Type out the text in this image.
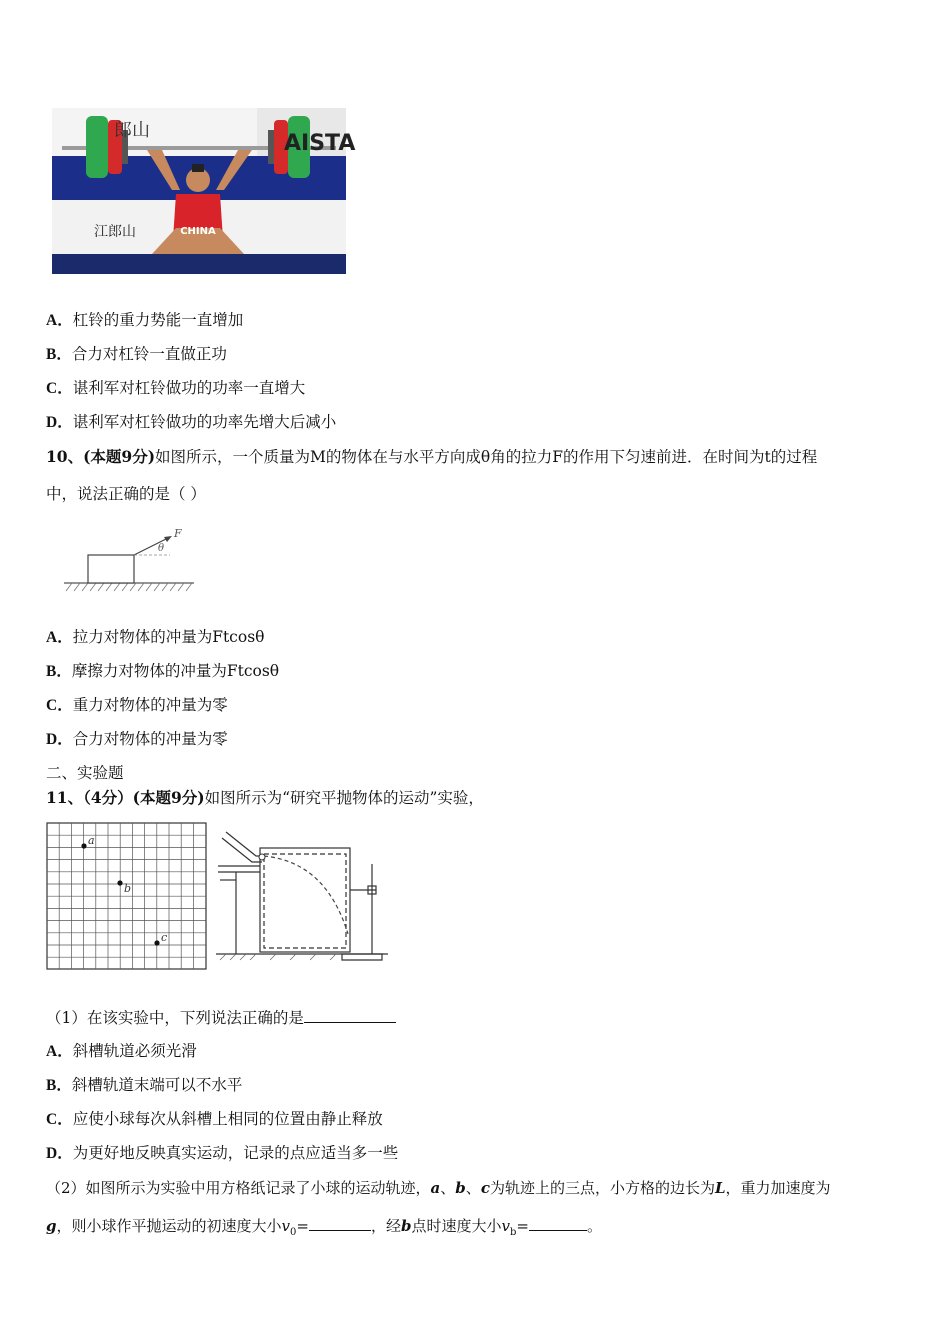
CHINA
郎山
江郎山
AISTA
A．杠铃的重力势能一直增加
B．合力对杠铃一直做正功
C．谌利军对杠铃做功的功率一直增大
D．谌利军对杠铃做功的功率先增大后减小
10、(本题9分)如图所示，一个质量为M的物体在与水平方向成θ角的拉力F的作用下匀速前进．在时间为t的过程
中，说法正确的是（ ）
F
θ
A．拉力对物体的冲量为Ftcosθ
B．摩擦力对物体的冲量为Ftcosθ
C．重力对物体的冲量为零
D．合力对物体的冲量为零
二、实验题
11、（4分）(本题9分)如图所示为“研究平抛物体的运动”实验，
a
b
c
（1）在该实验中，下列说法正确的是
A．斜槽轨道必须光滑
B．斜槽轨道末端可以不水平
C．应使小球每次从斜槽上相同的位置由静止释放
D．为更好地反映真实运动，记录的点应适当多一些
（2）如图所示为实验中用方格纸记录了小球的运动轨迹，a、b、c为轨迹上的三点，小方格的边长为L，重力加速度为
g，则小球作平抛运动的初速度大小$v_0=$	，经b点时速度大小$v_b=$	。
